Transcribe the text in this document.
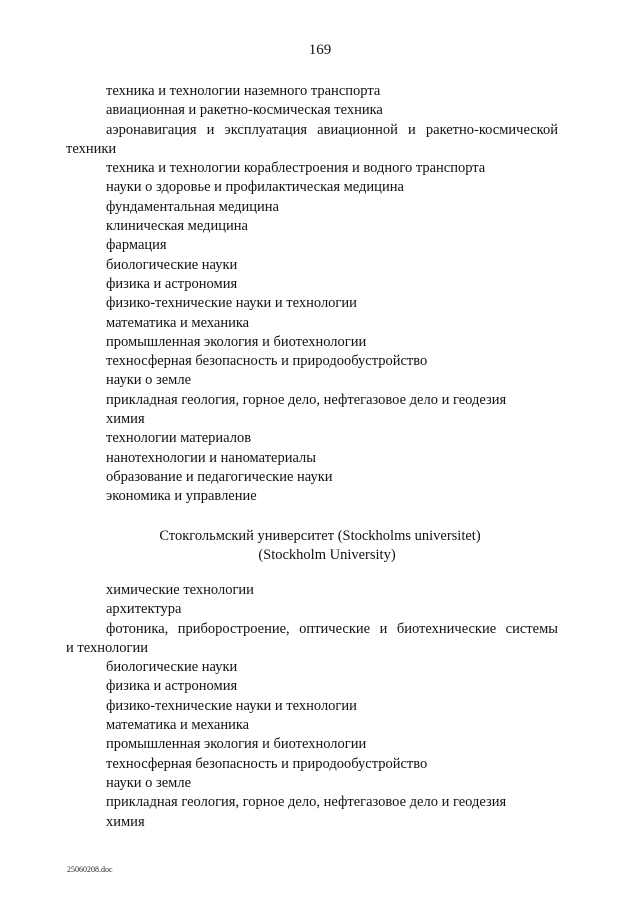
169
техника и технологии наземного транспорта
авиационная и ракетно-космическая техника
аэронавигация и эксплуатация авиационной и ракетно-космической
техники
техника и технологии кораблестроения и водного транспорта
науки о здоровье и профилактическая медицина
фундаментальная медицина
клиническая медицина
фармация
биологические науки
физика и астрономия
физико-технические науки и технологии
математика и механика
промышленная экология и биотехнологии
техносферная безопасность и природообустройство
науки о земле
прикладная геология, горное дело, нефтегазовое дело и геодезия
химия
технологии материалов
нанотехнологии и наноматериалы
образование и педагогические науки
экономика и управление
Стокгольмский университет (Stockholms universitet)
(Stockholm University)
химические технологии
архитектура
фотоника, приборостроение, оптические и биотехнические системы
и технологии
биологические науки
физика и астрономия
физико-технические науки и технологии
математика и механика
промышленная экология и биотехнологии
техносферная безопасность и природообустройство
науки о земле
прикладная геология, горное дело, нефтегазовое дело и геодезия
химия
25060208.doc
